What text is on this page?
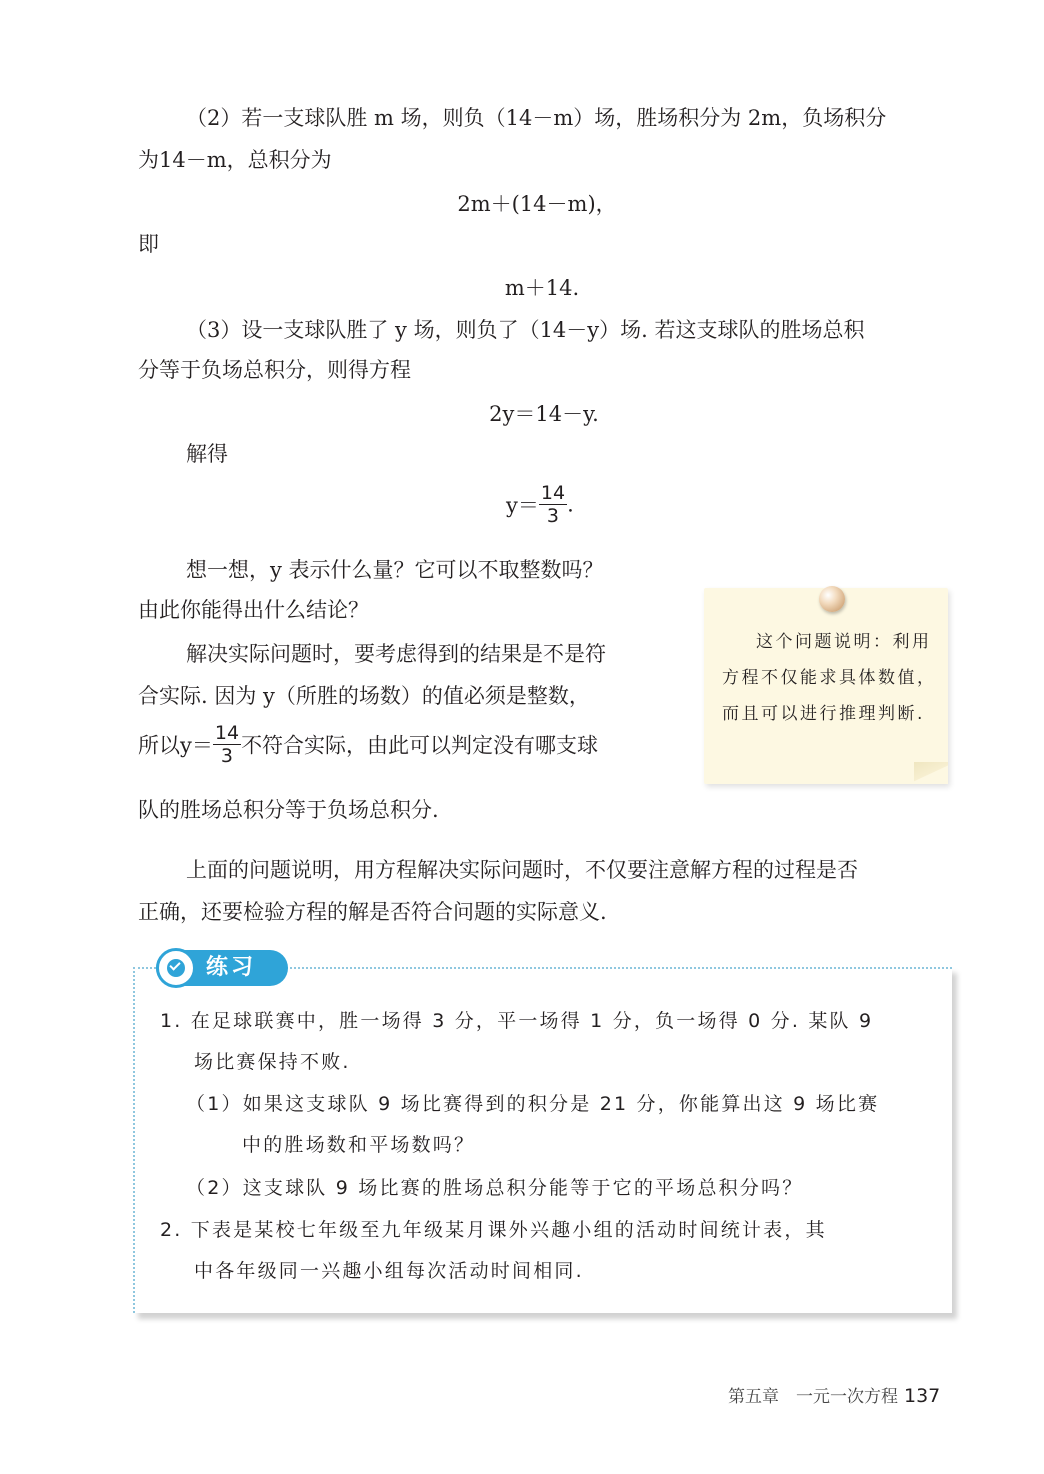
（2）若一支球队胜 m 场，则负（14－m）场，胜场积分为 2m，负场积分
为14－m，总积分为
2m＋(14－m)，
即
m＋14.
（3）设一支球队胜了 y 场，则负了（14－y）场. 若这支球队的胜场总积
分等于负场总积分，则得方程
2y＝14－y.
解得
$y= \frac{14}{3}$ .
想一想，y 表示什么量？它可以不取整数吗？
由此你能得出什么结论？
解决实际问题时，要考虑得到的结果是不是符
合实际. 因为 y（所胜的场数）的值必须是整数，
所以$y= \frac{14}{3}$ 不符合实际，由此可以判定没有哪支球
队的胜场总积分等于负场总积分.
这个问题说明：利用方程不仅能求具体数值，而且可以进行推理判断.
上面的问题说明，用方程解决实际问题时，不仅要注意解方程的过程是否
正确，还要检验方程的解是否符合问题的实际意义.
练习
1. 在足球联赛中，胜一场得 3 分，平一场得 1 分，负一场得 0 分. 某队 9
场比赛保持不败.
（1）如果这支球队 9 场比赛得到的积分是 21 分，你能算出这 9 场比赛
中的胜场数和平场数吗？
（2）这支球队 9 场比赛的胜场总积分能等于它的平场总积分吗？
2. 下表是某校七年级至九年级某月课外兴趣小组的活动时间统计表，其
中各年级同一兴趣小组每次活动时间相同.
第五章　一元一次方程 137
